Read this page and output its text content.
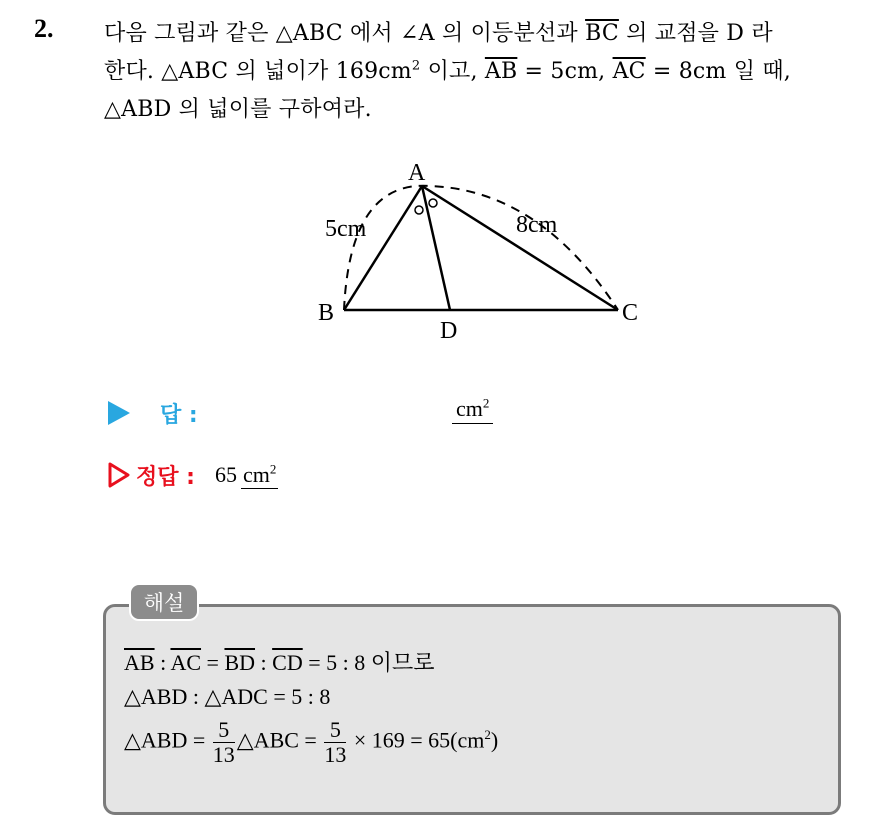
2. 다음 그림과 같은 △ABC 에서 ∠A 의 이등분선과 $\overline{BC}$ 의 교점을 D 라
한다. △ABC 의 넓이가 $169cm^2$ 이고, $\overline{AB} = 5cm$, $\overline{AC} = 8cm$ 일 때,
△ABD 의 넓이를 구하여라.
A
B	C
D
5cm	8cm
답 :	$cm^2$
정답 : 65 $cm^2$
해설
$\overline{AB}$ : $\overline{AC} = \overline{BD}$ : $\overline{CD} = 5$ : 8 이므로
△ABD : △ADC = 5 : 8
△ABD = $\frac{5}{13}$ △ABC = $\frac{5}{13} \times 169 = 65(cm^2)$
